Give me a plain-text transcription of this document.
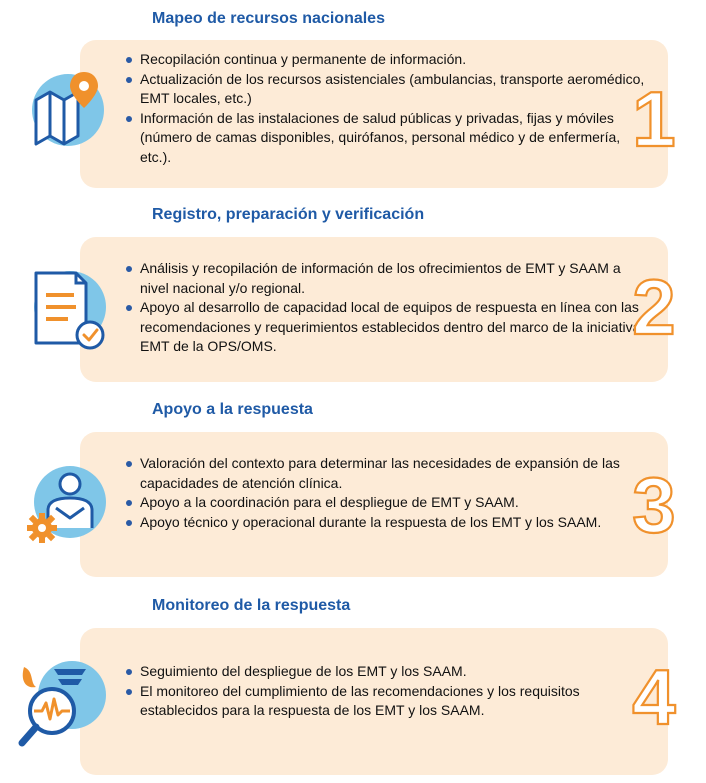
Mapeo de recursos nacionales
Recopilación continua y permanente de información.
Actualización de los recursos asistenciales (ambulancias, transporte aeromédico, EMT locales, etc.)
Información de las instalaciones de salud públicas y privadas, fijas y móviles (número de camas disponibles, quirófanos, personal médico y de enfermería, etc.).	1
Registro, preparación y verificación
Análisis y recopilación de información de los ofrecimientos de EMT y SAAM a nivel nacional y/o regional.
Apoyo al desarrollo de capacidad local de equipos de respuesta en línea con las recomendaciones y requerimientos establecidos dentro del marco de la iniciativa EMT de la OPS/OMS.	2
Apoyo a la respuesta
Valoración del contexto para determinar las necesidades de expansión de las capacidades de atención clínica.
Apoyo a la coordinación para el despliegue de EMT y SAAM.
Apoyo técnico y operacional durante la respuesta de los EMT y los SAAM. 3
Monitoreo de la respuesta
Seguimiento del despliegue de los EMT y los SAAM.
El monitoreo del cumplimiento de las recomendaciones y los requisitos establecidos para la respuesta de los EMT y los SAAM.	4
